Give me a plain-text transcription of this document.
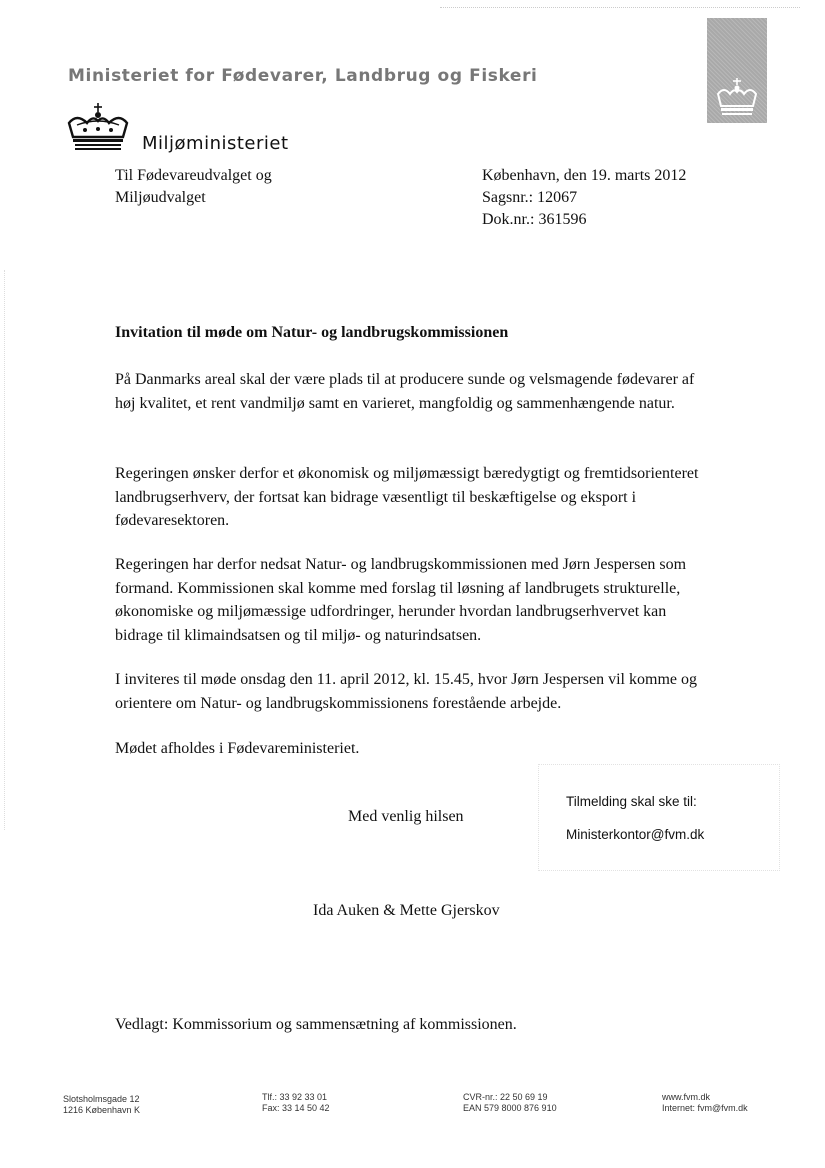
Ministeriet for Fødevarer, Landbrug og Fiskeri
Miljøministeriet
Til Fødevareudvalget og
Miljøudvalget
København, den 19. marts 2012
Sagsnr.: 12067
Dok.nr.: 361596
Invitation til møde om Natur- og landbrugskommissionen

På Danmarks areal skal der være plads til at producere sunde og velsmagende fødevarer af høj kvalitet, et rent vandmiljø samt en varieret, mangfoldig og sammenhængende natur.

Regeringen ønsker derfor et økonomisk og miljømæssigt bæredygtigt og fremtidsorienteret landbrugserhverv, der fortsat kan bidrage væsentligt til beskæftigelse og eksport i fødevaresektoren.

Regeringen har derfor nedsat Natur- og landbrugskommissionen med Jørn Jespersen som formand. Kommissionen skal komme med forslag til løsning af landbrugets strukturelle, økonomiske og miljømæssige udfordringer, herunder hvordan landbrugserhvervet kan bidrage til klimaindsatsen og til miljø- og naturindsatsen.

I inviteres til møde onsdag den 11. april 2012, kl. 15.45, hvor Jørn Jespersen vil komme og orientere om Natur- og landbrugskommissionens forestående arbejde.

Mødet afholdes i Fødevareministeriet.

Tilmelding skal ske til:
Ministerkontor@fvm.dk
Med venlig hilsen
Ida Auken & Mette Gjerskov
Vedlagt: Kommissorium og sammensætning af kommissionen.
Slotsholmsgade 12
1216 København K
Tlf.: 33 92 33 01
Fax: 33 14 50 42
CVR-nr.: 22 50 69 19
EAN 579 8000 876 910
www.fvm.dk
Internet: fvm@fvm.dk
